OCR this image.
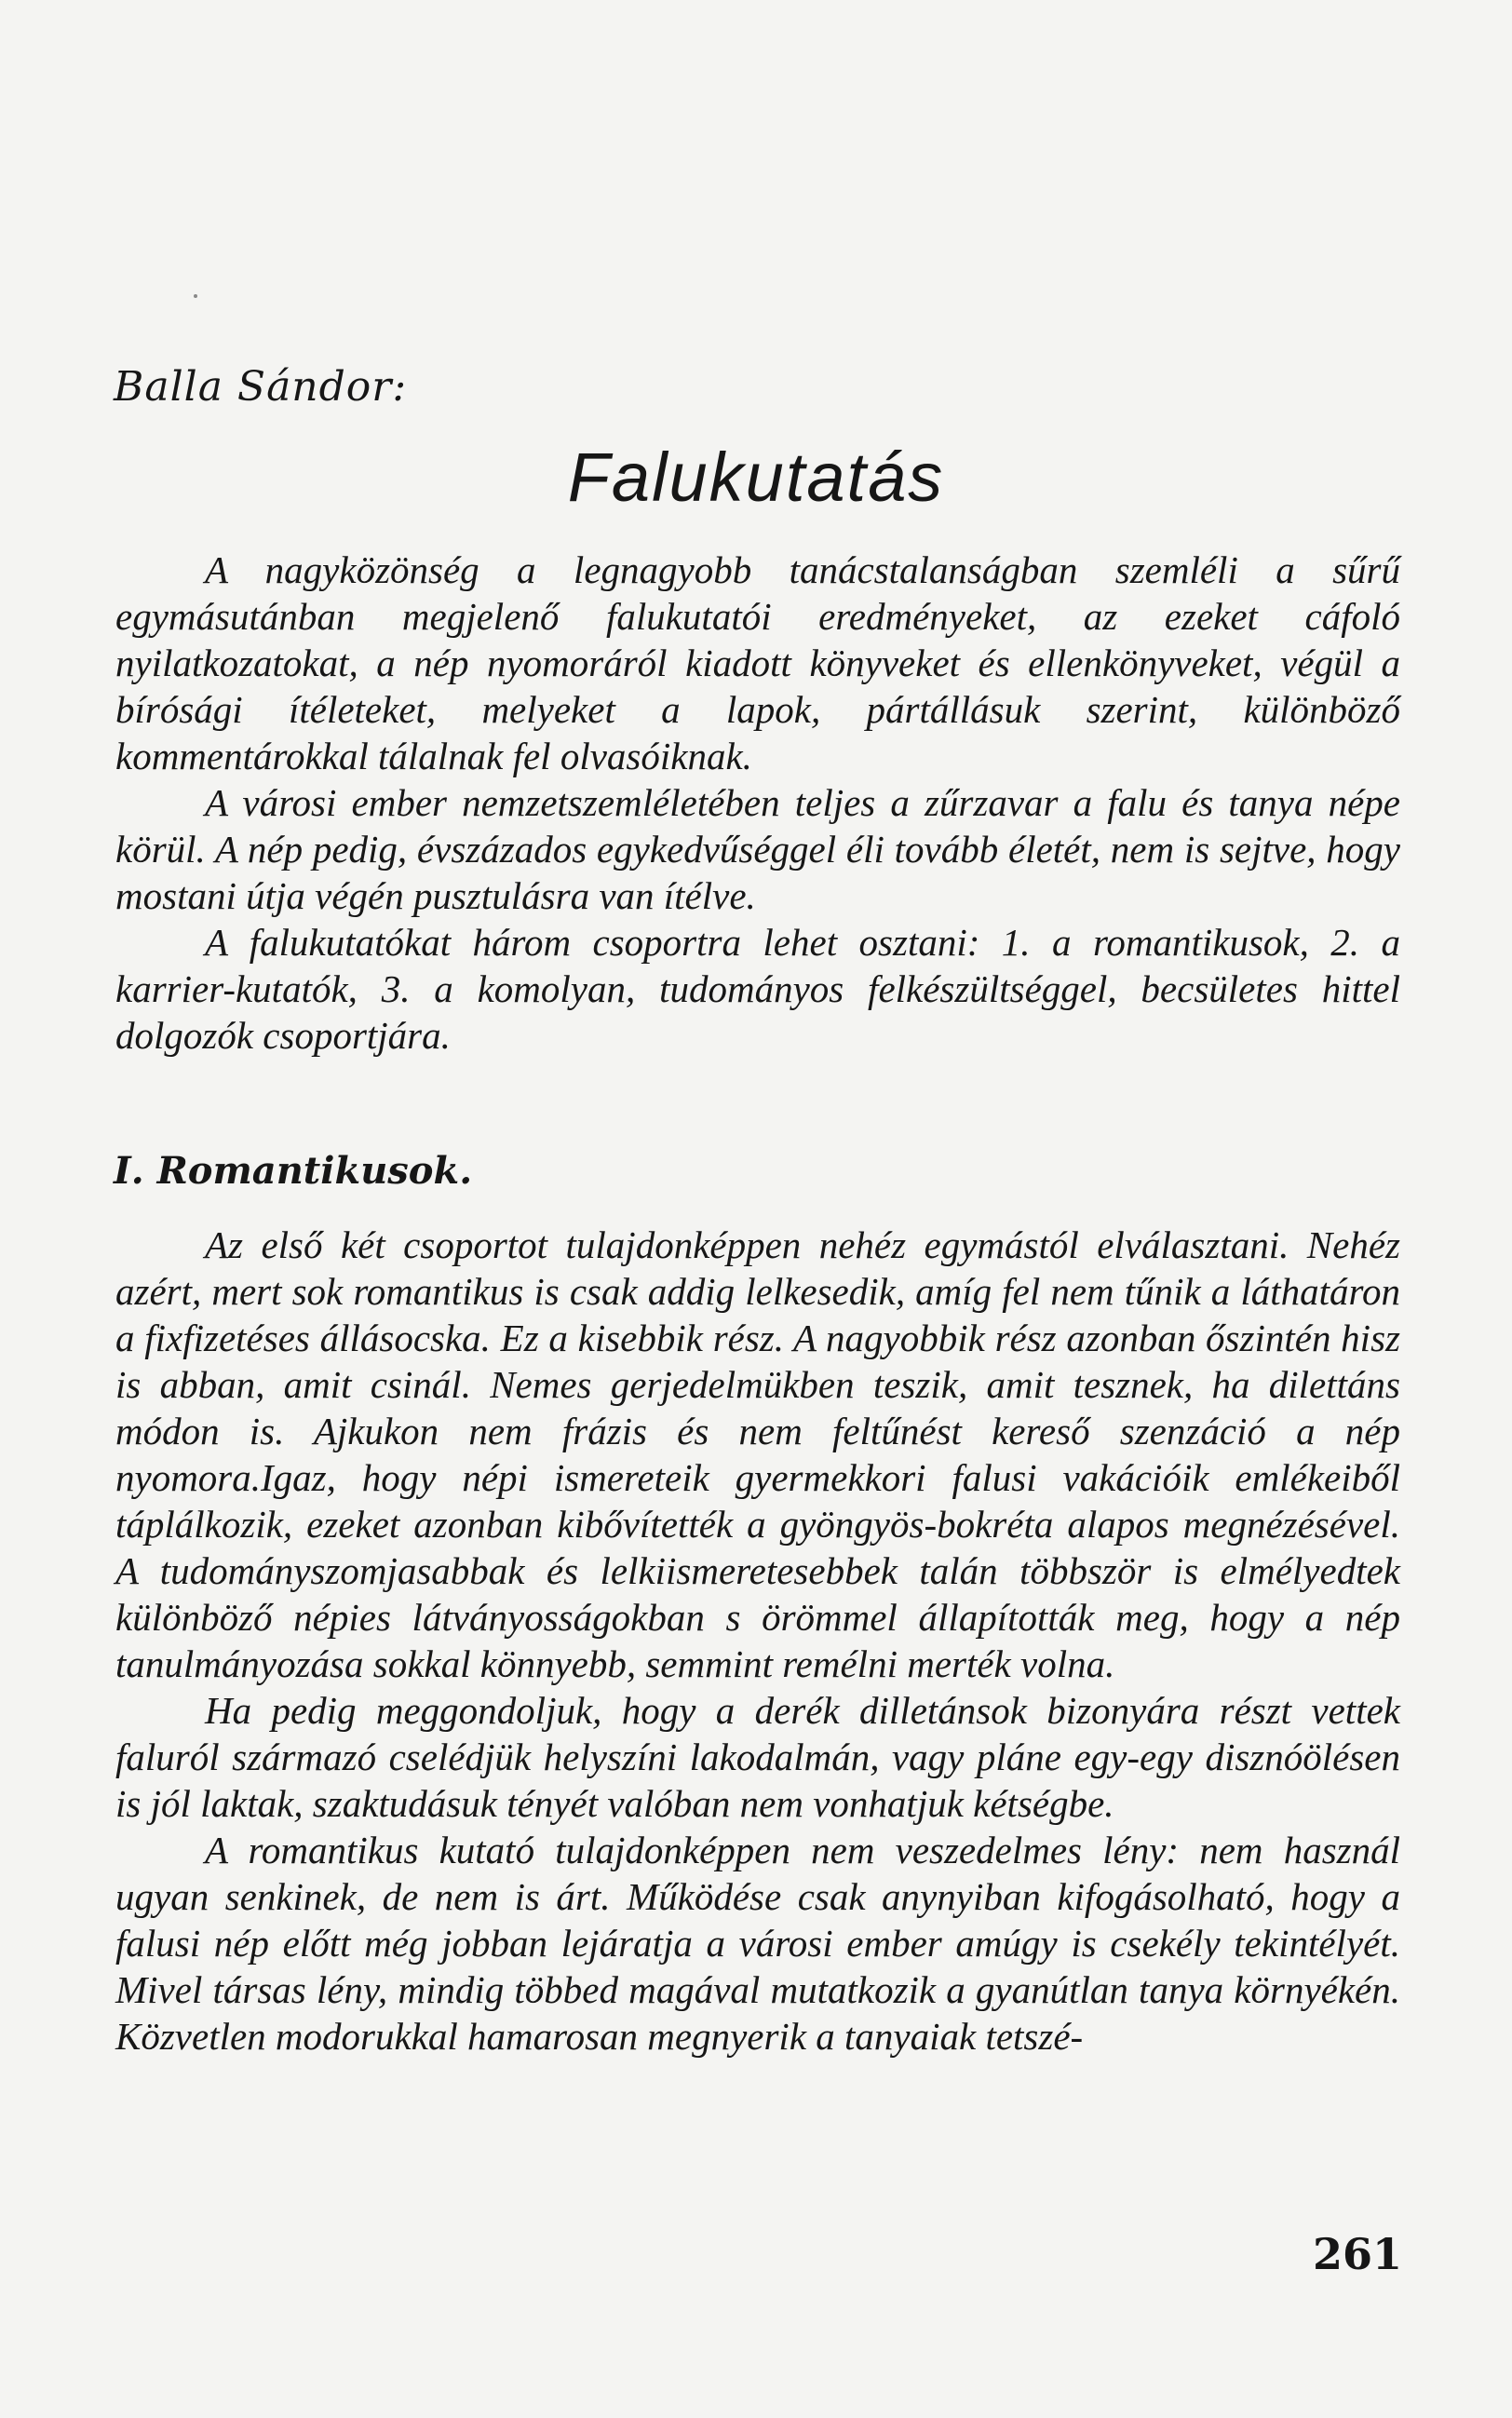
Balla Sándor:
Falukutatás

A nagyközönség a legnagyobb tanácstalanságban szemléli a sűrű egymásutánban megjelenő falukutatói eredményeket, az ezeket cáfoló nyilatkozatokat, a nép nyomoráról kiadott könyveket és ellenkönyveket, végül a bírósági ítéleteket, melyeket a lapok, pártállásuk szerint, különböző kommentárokkal tálalnak fel olvasóiknak.

A városi ember nemzetszemléletében teljes a zűrzavar a falu és tanya népe körül. A nép pedig, évszázados egykedvűséggel éli tovább életét, nem is sejtve, hogy mostani útja végén pusztulásra van ítélve.

A falukutatókat három csoportra lehet osztani: 1. a romantikusok, 2. a karrier-kutatók, 3. a komolyan, tudományos felkészültséggel, becsületes hittel dolgozók csoportjára.

I. Romantikusok.

Az első két csoportot tulajdonképpen nehéz egymástól elválasztani. Nehéz azért, mert sok romantikus is csak addig lelkesedik, amíg fel nem tűnik a láthatáron a fixfizetéses állásocska. Ez a kisebbik rész. A nagyobbik rész azonban őszintén hisz is abban, amit csinál. Nemes gerjedelmükben teszik, amit tesznek, ha dilettáns módon is. Ajkukon nem frázis és nem feltűnést kereső szenzáció a nép nyomora.Igaz, hogy népi ismereteik gyermekkori falusi vakációik emlékeiből táplálkozik, ezeket azonban kibővítették a gyöngyös-bokréta alapos megnézésével. A tudományszomjasabbak és lelkiismeretesebbek talán többször is elmélyedtek különböző népies látványosságokban s örömmel állapították meg, hogy a nép tanulmányozása sokkal könnyebb, semmint remélni merték volna.

Ha pedig meggondoljuk, hogy a derék dilletánsok bizonyára részt vettek faluról származó cselédjük helyszíni lakodalmán, vagy pláne egy-egy disznóölésen is jól laktak, szaktudásuk tényét valóban nem vonhatjuk kétségbe.

A romantikus kutató tulajdonképpen nem veszedelmes lény: nem használ ugyan senkinek, de nem is árt. Működése csak anynyiban kifogásolható, hogy a falusi nép előtt még jobban lejáratja a városi ember amúgy is csekély tekintélyét. Mivel társas lény, mindig többed magával mutatkozik a gyanútlan tanya környékén. Közvetlen modorukkal hamarosan megnyerik a tanyaiak tetszé-

261
